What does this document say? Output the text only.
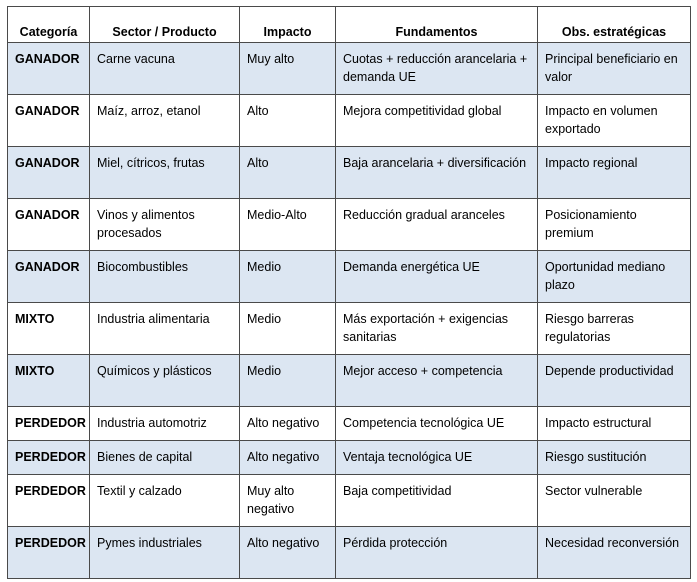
Categoría	Sector / Producto	Impacto	Fundamentos	Obs. estratégicas
GANADOR	Carne vacuna	Muy alto	Cuotas + reducción arancelaria + demanda UE	Principal beneficiario en valor
GANADOR	Maíz, arroz, etanol	Alto	Mejora competitividad global	Impacto en volumen exportado
GANADOR	Miel, cítricos, frutas	Alto	Baja arancelaria + diversificación	Impacto regional
GANADOR	Vinos y alimentos procesados	Medio-Alto	Reducción gradual aranceles	Posicionamiento premium
GANADOR	Biocombustibles	Medio	Demanda energética UE	Oportunidad mediano plazo
MIXTO	Industria alimentaria	Medio	Más exportación + exigencias sanitarias	Riesgo barreras regulatorias
MIXTO	Químicos y plásticos	Medio	Mejor acceso + competencia	Depende productividad
PERDEDOR	Industria automotriz	Alto negativo	Competencia tecnológica UE	Impacto estructural
PERDEDOR	Bienes de capital	Alto negativo	Ventaja tecnológica UE	Riesgo sustitución
PERDEDOR	Textil y calzado	Muy alto negativo	Baja competitividad	Sector vulnerable
PERDEDOR	Pymes industriales	Alto negativo	Pérdida protección	Necesidad reconversión
